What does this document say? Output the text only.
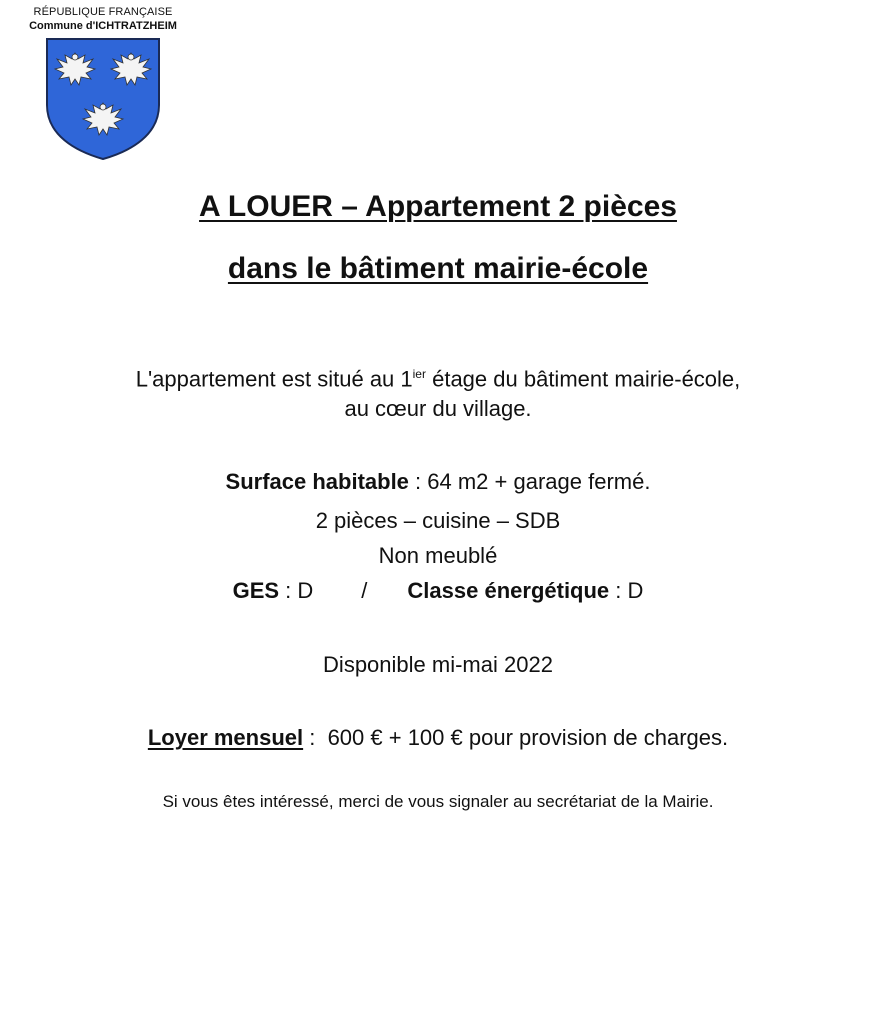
RÉPUBLIQUE FRANÇAISE
Commune d'ICHTRATZHEIM
A LOUER – Appartement 2 pièces
dans le bâtiment mairie-école
L'appartement est situé au $1^{ier}$ étage du bâtiment mairie-école,
au cœur du village.
Surface habitable : 64 m2 + garage fermé.
2 pièces – cuisine – SDB
Non meublé
GES : D / Classe énergétique : D
Disponible mi-mai 2022
Loyer mensuel :  600 € + 100 € pour provision de charges.
Si vous êtes intéressé, merci de vous signaler au secrétariat de la Mairie.
